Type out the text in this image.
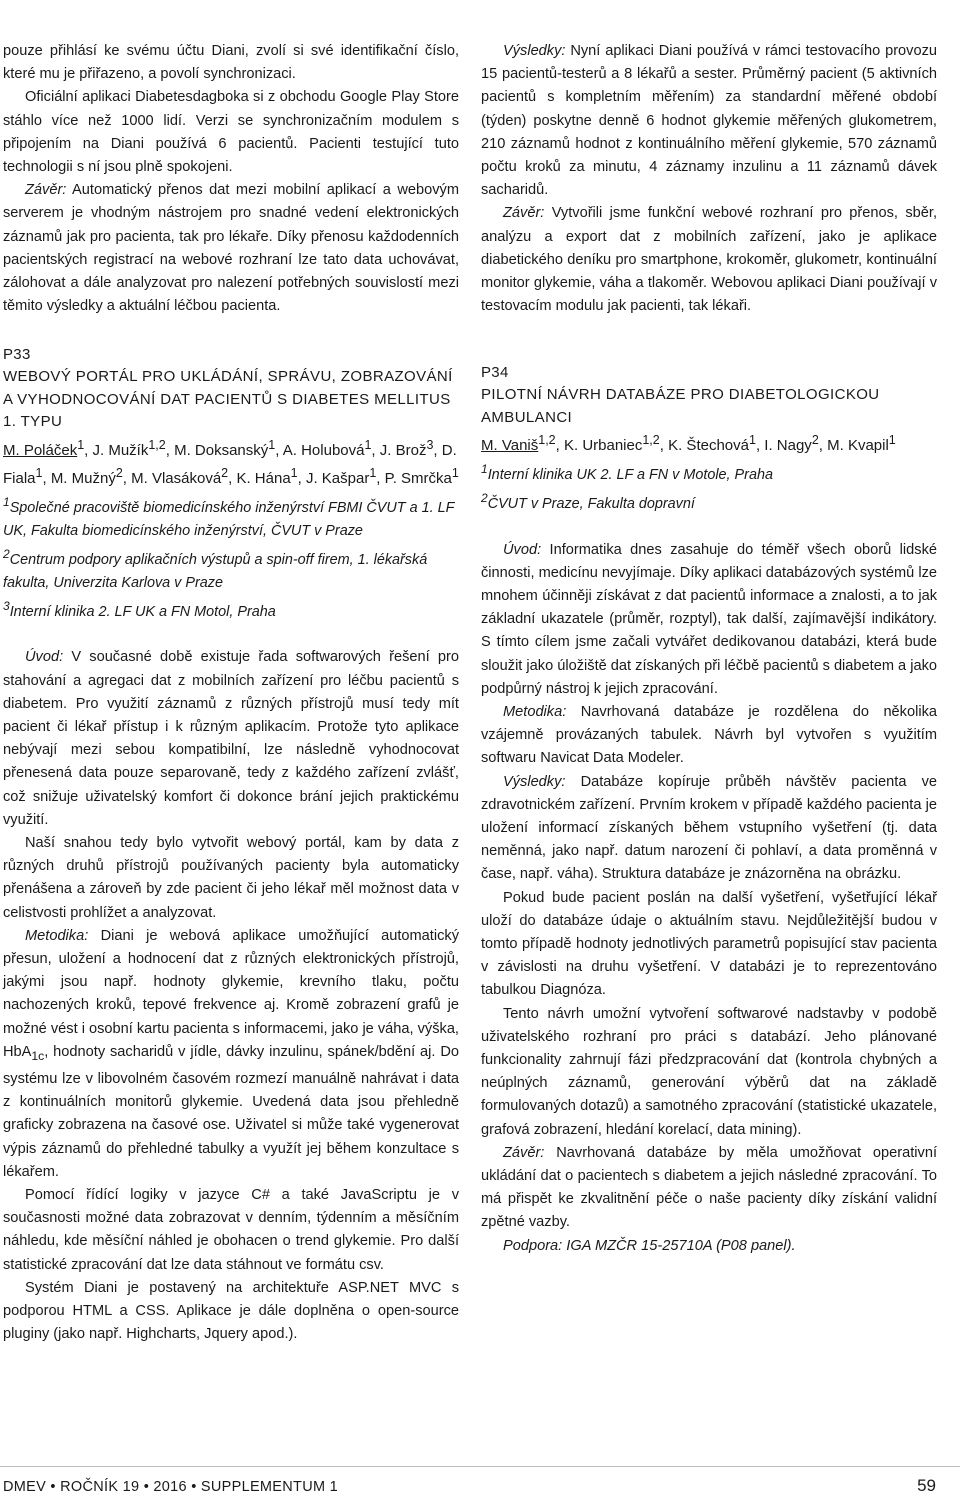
pouze přihlásí ke svému účtu Diani, zvolí si své identifikační číslo, které mu je přiřazeno, a povolí synchronizaci.

Oficiální aplikaci Diabetesdagboka si z obchodu Google Play Store stáhlo více než 1000 lidí. Verzi se synchronizačním modulem s připojením na Diani používá 6 pacientů. Pacienti testující tuto technologii s ní jsou plně spokojeni.

Závěr: Automatický přenos dat mezi mobilní aplikací a webovým serverem je vhodným nástrojem pro snadné vedení elektronických záznamů jak pro pacienta, tak pro lékaře. Díky přenosu každodenních pacientských registrací na webové rozhraní lze tato data uchovávat, zálohovat a dále analyzovat pro nalezení potřebných souvislostí mezi těmito výsledky a aktuální léčbou pacienta.

P33
WEBOVÝ PORTÁL PRO UKLÁDÁNÍ, SPRÁVU, ZOBRAZOVÁNÍ A VYHODNOCOVÁNÍ DAT PACIENTŮ S DIABETES MELLITUS 1. TYPU
M. Poláček$^1$, J. Mužík$^{1,2}$, M. Doksanský$^1$, A. Holubová$^1$, J. Brož$^3$, D. Fiala$^1$, M. Mužný$^2$, M. Vlasáková$^2$, K. Hána$^1$, J. Kašpar$^1$, P. Smrčka$^1$
$^1$Společné pracoviště biomedicínského inženýrství FBMI ČVUT a 1. LF UK, Fakulta biomedicínského inženýrství, ČVUT v Praze
$^2$Centrum podpory aplikačních výstupů a spin-off firem, 1. lékařská fakulta, Univerzita Karlova v Praze
$^3$Interní klinika 2. LF UK a FN Motol, Praha

Úvod: V současné době existuje řada softwarových řešení pro stahování a agregaci dat z mobilních zařízení pro léčbu pacientů s diabetem. Pro využití záznamů z různých přístrojů musí tedy mít pacient či lékař přístup i k různým aplikacím. Protože tyto aplikace nebývají mezi sebou kompatibilní, lze následně vyhodnocovat přenesená data pouze separovaně, tedy z každého zařízení zvlášť, což snižuje uživatelský komfort či dokonce brání jejich praktickému využití.

Naší snahou tedy bylo vytvořit webový portál, kam by data z různých druhů přístrojů používaných pacienty byla automaticky přenášena a zároveň by zde pacient či jeho lékař měl možnost data v celistvosti prohlížet a analyzovat.

Metodika: Diani je webová aplikace umožňující automatický přesun, uložení a hodnocení dat z různých elektronických přístrojů, jakými jsou např. hodnoty glykemie, krevního tlaku, počtu nachozených kroků, tepové frekvence aj. Kromě zobrazení grafů je možné vést i osobní kartu pacienta s informacemi, jako je váha, výška, HbA$_{1c}$, hodnoty sacharidů v jídle, dávky inzulinu, spánek/bdění aj. Do systému lze v libovolném časovém rozmezí manuálně nahrávat i data z kontinuálních monitorů glykemie. Uvedená data jsou přehledně graficky zobrazena na časové ose. Uživatel si může také vygenerovat výpis záznamů do přehledné tabulky a využít jej během konzultace s lékařem.

Pomocí řídící logiky v jazyce C# a také JavaScriptu je v současnosti možné data zobrazovat v denním, týdenním a měsíčním náhledu, kde měsíční náhled je obohacen o trend glykemie. Pro další statistické zpracování dat lze data stáhnout ve formátu csv.

Systém Diani je postavený na architektuře ASP.NET MVC s podporou HTML a CSS. Aplikace je dále doplněna o open-source pluginy (jako např. Highcharts, Jquery apod.).

Výsledky: Nyní aplikaci Diani používá v rámci testovacího provozu 15 pacientů-testerů a 8 lékařů a sester. Průměrný pacient (5 aktivních pacientů s kompletním měřením) za standardní měřené období (týden) poskytne denně 6 hodnot glykemie měřených glukometrem, 210 záznamů hodnot z kontinuálního měření glykemie, 570 záznamů počtu kroků za minutu, 4 záznamy inzulinu a 11 záznamů dávek sacharidů.

Závěr: Vytvořili jsme funkční webové rozhraní pro přenos, sběr, analýzu a export dat z mobilních zařízení, jako je aplikace diabetického deníku pro smartphone, krokoměr, glukometr, kontinuální monitor glykemie, váha a tlakoměr. Webovou aplikaci Diani používají v testovacím modulu jak pacienti, tak lékaři.

P34
PILOTNÍ NÁVRH DATABÁZE PRO DIABETOLOGICKOU AMBULANCI
M. Vaniš$^{1,2}$, K. Urbaniec$^{1,2}$, K. Štechová$^1$, I. Nagy$^2$, M. Kvapil$^1$
$^1$Interní klinika UK 2. LF a FN v Motole, Praha
$^2$ČVUT v Praze, Fakulta dopravní

Úvod: Informatika dnes zasahuje do téměř všech oborů lidské činnosti, medicínu nevyjímaje. Díky aplikaci databázových systémů lze mnohem účinněji získávat z dat pacientů informace a znalosti, a to jak základní ukazatele (průměr, rozptyl), tak další, zajímavější indikátory. S tímto cílem jsme začali vytvářet dedikovanou databázi, která bude sloužit jako úložiště dat získaných při léčbě pacientů s diabetem a jako podpůrný nástroj k jejich zpracování.

Metodika: Navrhovaná databáze je rozdělena do několika vzájemně provázaných tabulek. Návrh byl vytvořen s využitím softwaru Navicat Data Modeler.

Výsledky: Databáze kopíruje průběh návštěv pacienta ve zdravotnickém zařízení. Prvním krokem v případě každého pacienta je uložení informací získaných během vstupního vyšetření (tj. data neměnná, jako např. datum narození či pohlaví, a data proměnná v čase, např. váha). Struktura databáze je znázorněna na obrázku.

Pokud bude pacient poslán na další vyšetření, vyšetřující lékař uloží do databáze údaje o aktuálním stavu. Nejdůležitější budou v tomto případě hodnoty jednotlivých parametrů popisující stav pacienta v závislosti na druhu vyšetření. V databázi je to reprezentováno tabulkou Diagnóza.

Tento návrh umožní vytvoření softwarové nadstavby v podobě uživatelského rozhraní pro práci s databází. Jeho plánované funkcionality zahrnují fázi předzpracování dat (kontrola chybných a neúplných záznamů, generování výběrů dat na základě formulovaných dotazů) a samotného zpracování (statistické ukazatele, grafová zobrazení, hledání korelací, data mining).

Závěr: Navrhovaná databáze by měla umožňovat operativní ukládání dat o pacientech s diabetem a jejich následné zpracování. To má přispět ke zkvalitnění péče o naše pacienty díky získání validní zpětné vazby.

Podpora: IGA MZČR 15-25710A (P08 panel).

DMEV • ROČNÍK 19 • 2016 • SUPPLEMENTUM 1	59
